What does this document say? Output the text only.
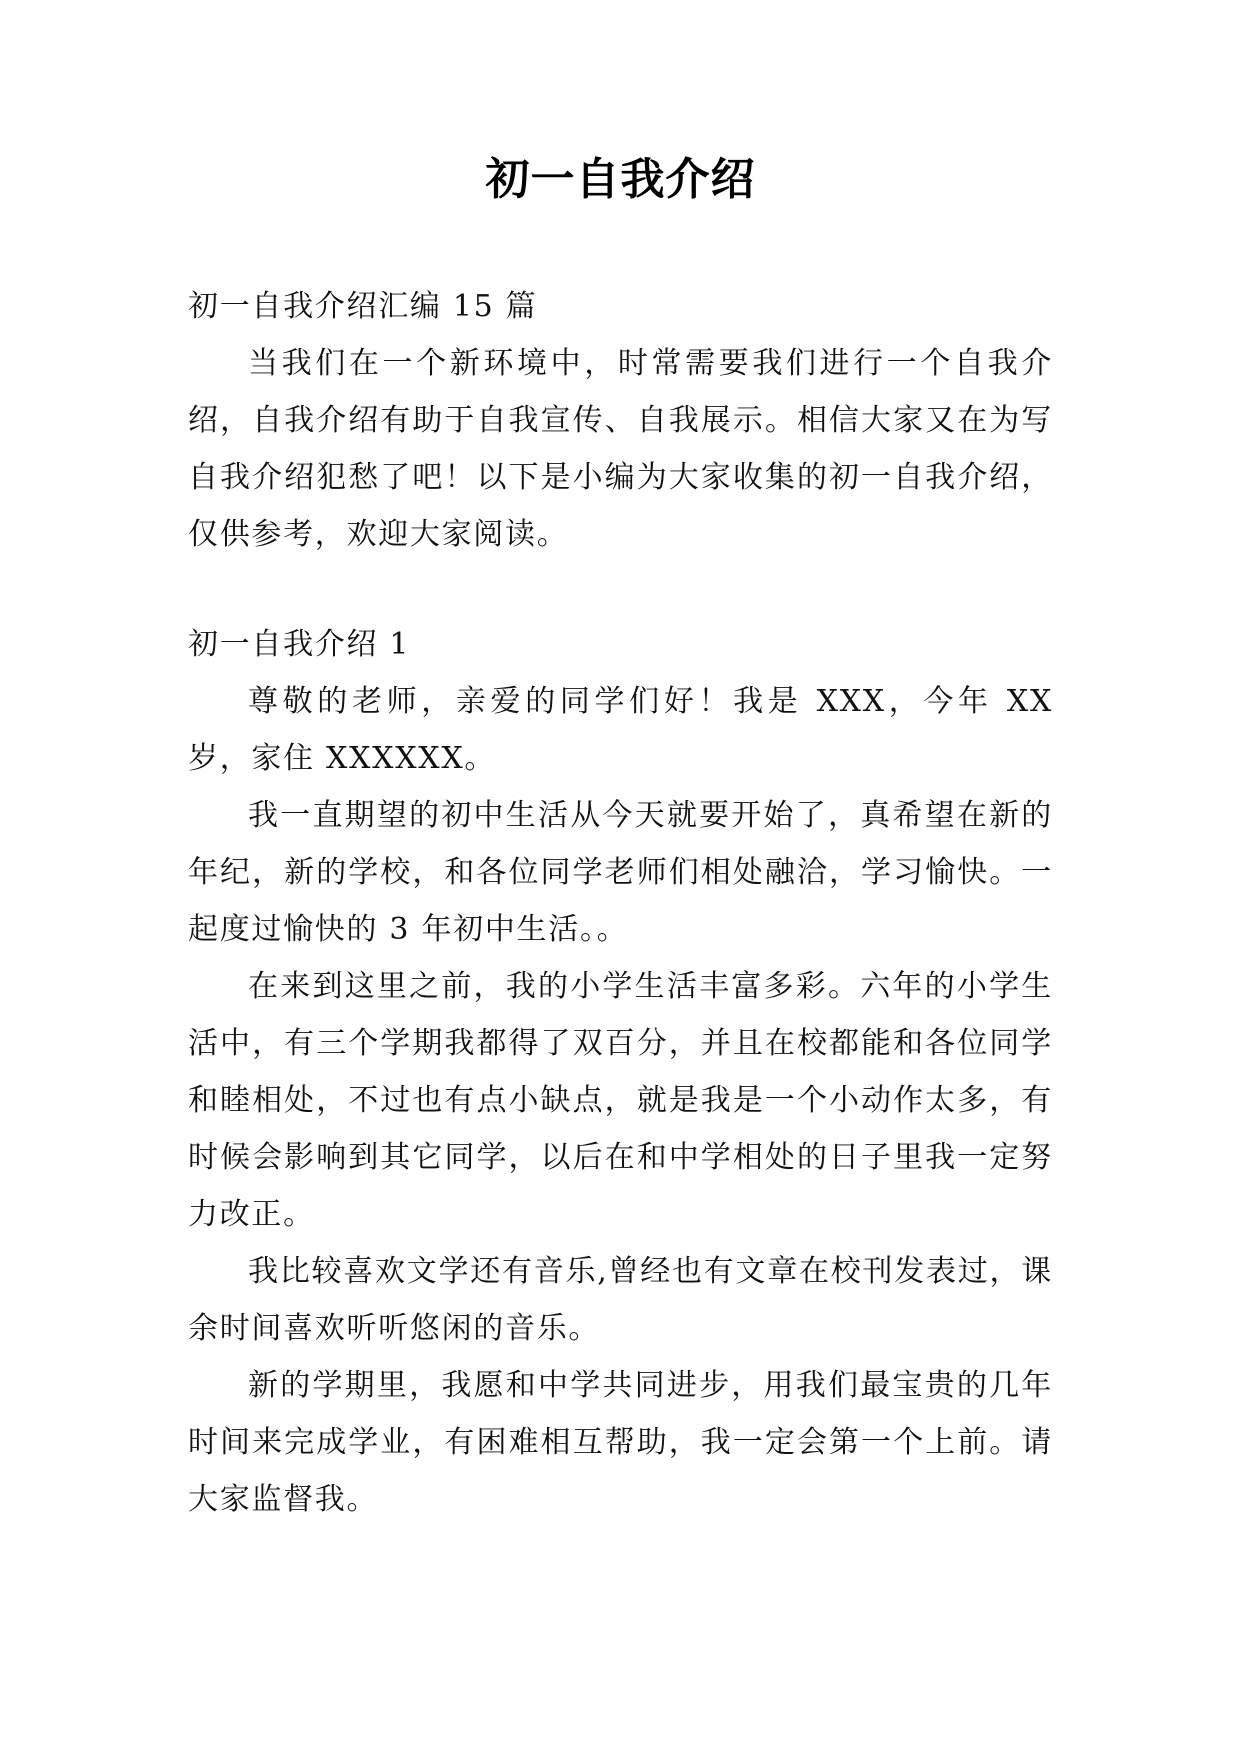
初一自我介绍

初一自我介绍汇编 15 篇

当我们在一个新环境中，时常需要我们进行一个自我介绍，自我介绍有助于自我宣传、自我展示。相信大家又在为写自我介绍犯愁了吧！以下是小编为大家收集的初一自我介绍，仅供参考，欢迎大家阅读。

初一自我介绍 1

尊敬的老师，亲爱的同学们好！我是 XXX，今年 XX 岁，家住 XXXXXX。

我一直期望的初中生活从今天就要开始了，真希望在新的年纪，新的学校，和各位同学老师们相处融洽，学习愉快。一起度过愉快的 3 年初中生活。。

在来到这里之前，我的小学生活丰富多彩。六年的小学生活中，有三个学期我都得了双百分，并且在校都能和各位同学和睦相处，不过也有点小缺点，就是我是一个小动作太多，有时候会影响到其它同学，以后在和中学相处的日子里我一定努力改正。

我比较喜欢文学还有音乐,曾经也有文章在校刊发表过，课余时间喜欢听听悠闲的音乐。

新的学期里，我愿和中学共同进步，用我们最宝贵的几年时间来完成学业，有困难相互帮助，我一定会第一个上前。请大家监督我。
